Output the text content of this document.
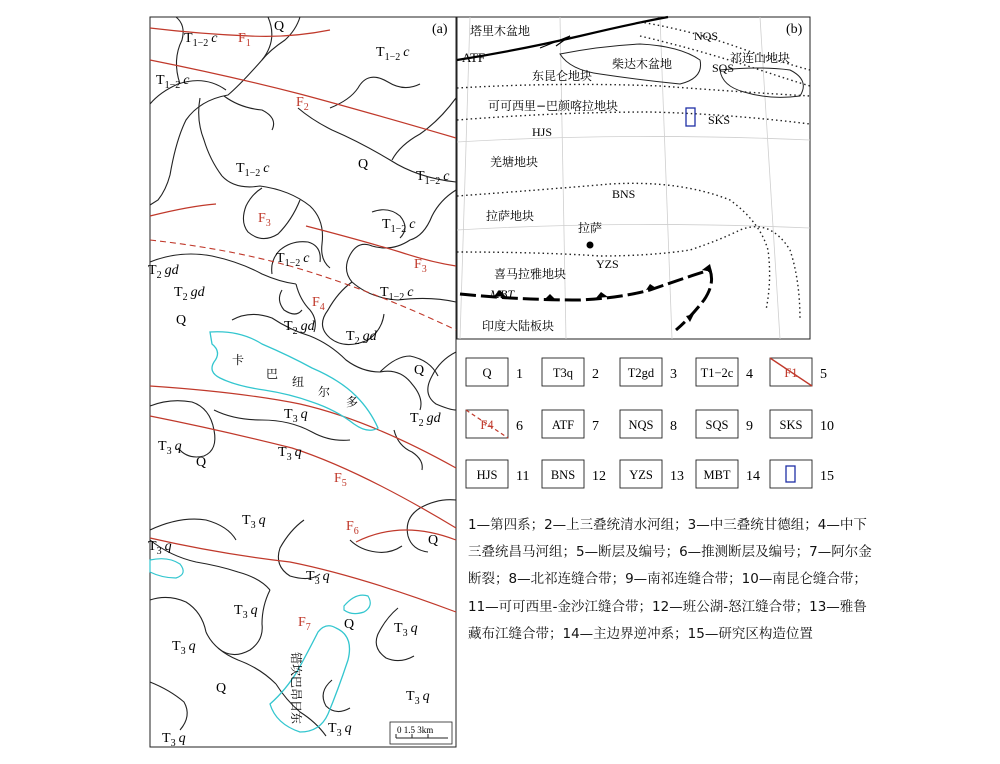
(a)
Q
$T_{1-2}$ c
$T_{1-2}$ c
$T_{1-2}$ c
$T_{1-2}$ c	Q
$T_{1-2}$ c
$T_{1-2}$ c
$T_{1-2}$ c
$T_{1-2}$ c
$T_2$ gd
$T_2$ gd
$T_2$ gd
$T_2$ gd
$T_2$ gd
Q
Q
$T_3$ q
$T_3$ q
Q
$T_3$ q
$T_3$ q
Q
$T_3$ q
$T_3$ q
$T_3$ q
Q	$T_3$ q
$T_3$ q
Q
$T_3$ q
$T_3$ q
$T_3$ q
$F_1$
$F_2$
$F_3$
$F_3$
$F_4$
$F_5$
$F_6$
$F_7$
卡
巴
纽
尔
多
错坎巴昂日东
0 1.5 3km
(b)
塔里木盆地
ATF	柴达木盆地	祁连山地块
NQS
SQS
东昆仑地块
可可西里−巴颜喀拉地块
SKS
HJS
羌塘地块
BNS
拉萨地块
拉萨
YZS
喜马拉雅地块
MBT
印度大陆板块
Q 1 T3q 2 T2gd 3 T1−2c 4	F1 5
F4 6 ATF 7 NQS 8 SQS 9 SKS 10
HJS 11 BNS 12 YZS 13 MBT 14	15
1—第四系；2—上三叠统清水河组；3—中三叠统甘德组；4—中下三叠统昌马河组；5—断层及编号；6—推测断层及编号；7—阿尔金断裂；8—北祁连缝合带；9—南祁连缝合带；10—南昆仑缝合带；11—可可西里-金沙江缝合带；12—班公湖-怒江缝合带；13—雅鲁藏布江缝合带；14—主边界逆冲系；15—研究区构造位置
